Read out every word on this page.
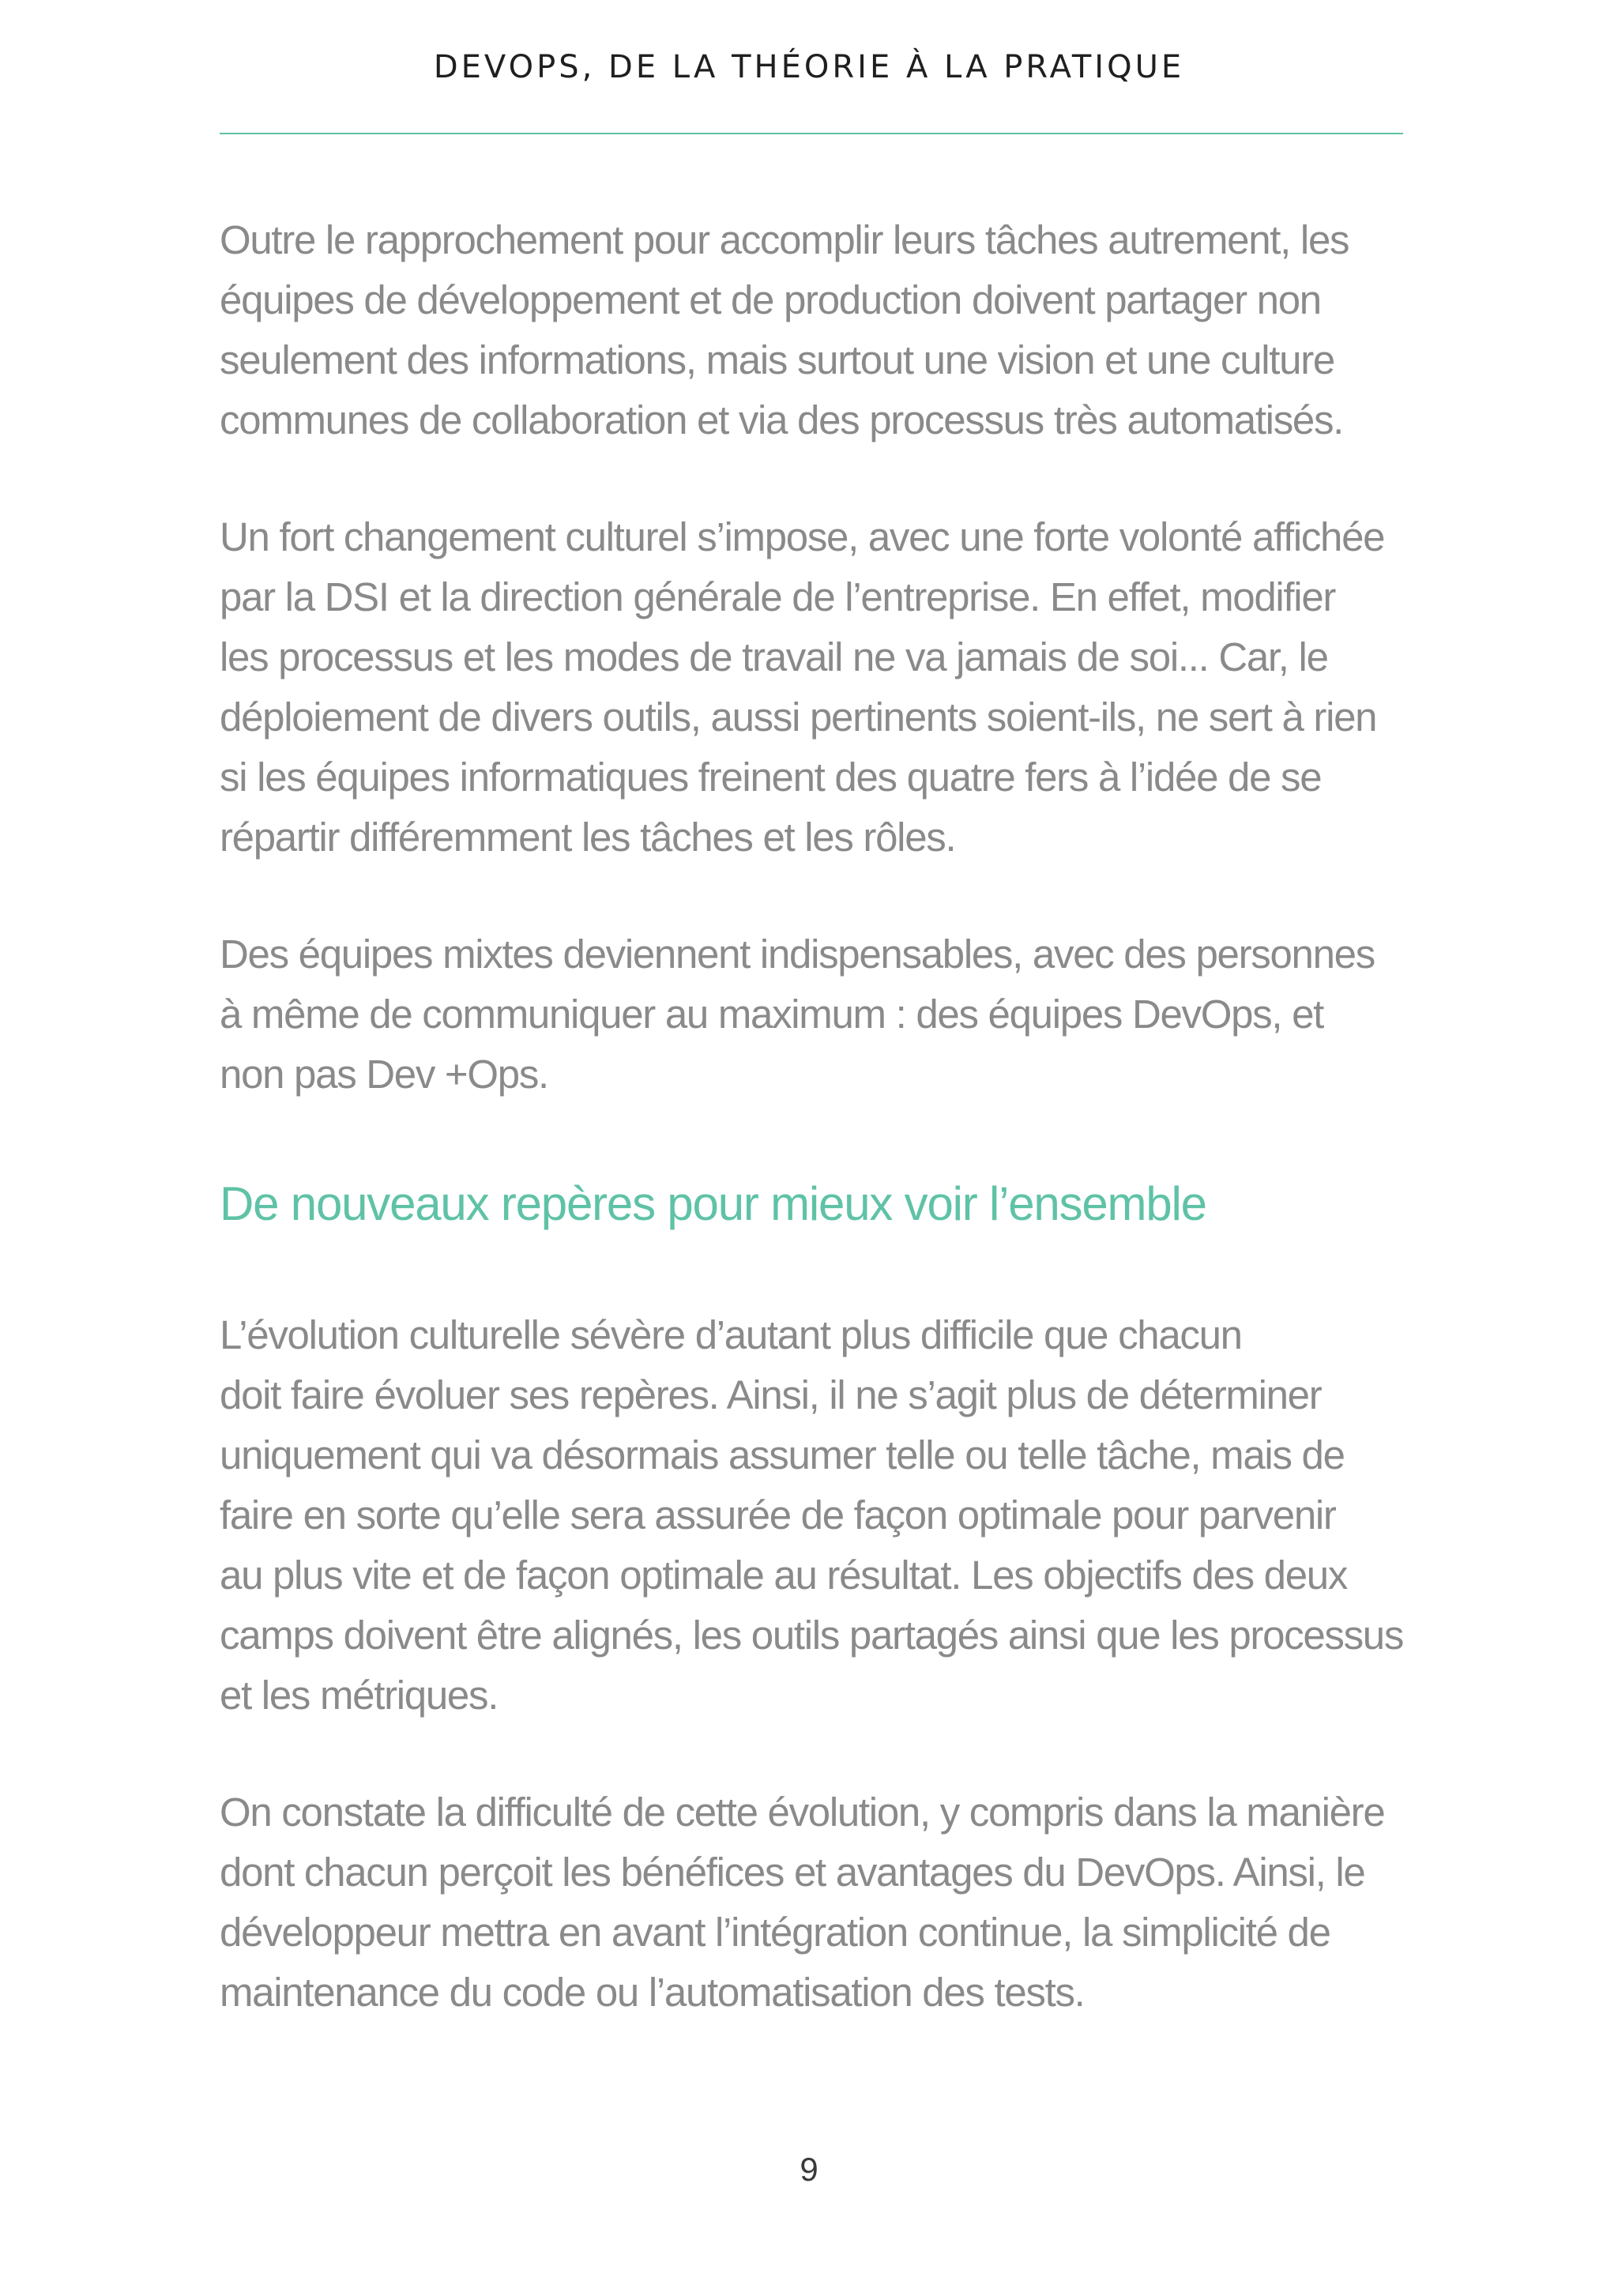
DEVOPS, DE LA THÉORIE À LA PRATIQUE

Outre le rapprochement pour accomplir leurs tâches autrement, les
équipes de développement et de production doivent partager non
seulement des informations, mais surtout une vision et une culture
communes de collaboration et via des processus très automatisés.

Un fort changement culturel s’impose, avec une forte volonté affichée
par la DSI et la direction générale de l’entreprise. En effet, modifier
les processus et les modes de travail ne va jamais de soi... Car, le
déploiement de divers outils, aussi pertinents soient-ils, ne sert à rien
si les équipes informatiques freinent des quatre fers à l’idée de se
répartir différemment les tâches et les rôles.

Des équipes mixtes deviennent indispensables, avec des personnes
à même de communiquer au maximum : des équipes DevOps, et
non pas Dev +Ops.

De nouveaux repères pour mieux voir l’ensemble

L’évolution culturelle sévère d’autant plus difficile que chacun
doit faire évoluer ses repères. Ainsi, il ne s’agit plus de déterminer
uniquement qui va désormais assumer telle ou telle tâche, mais de
faire en sorte qu’elle sera assurée de façon optimale pour parvenir
au plus vite et de façon optimale au résultat. Les objectifs des deux
camps doivent être alignés, les outils partagés ainsi que les processus
et les métriques.

On constate la difficulté de cette évolution, y compris dans la manière
dont chacun perçoit les bénéfices et avantages du DevOps. Ainsi, le
développeur mettra en avant l’intégration continue, la simplicité de
maintenance du code ou l’automatisation des tests.

9
